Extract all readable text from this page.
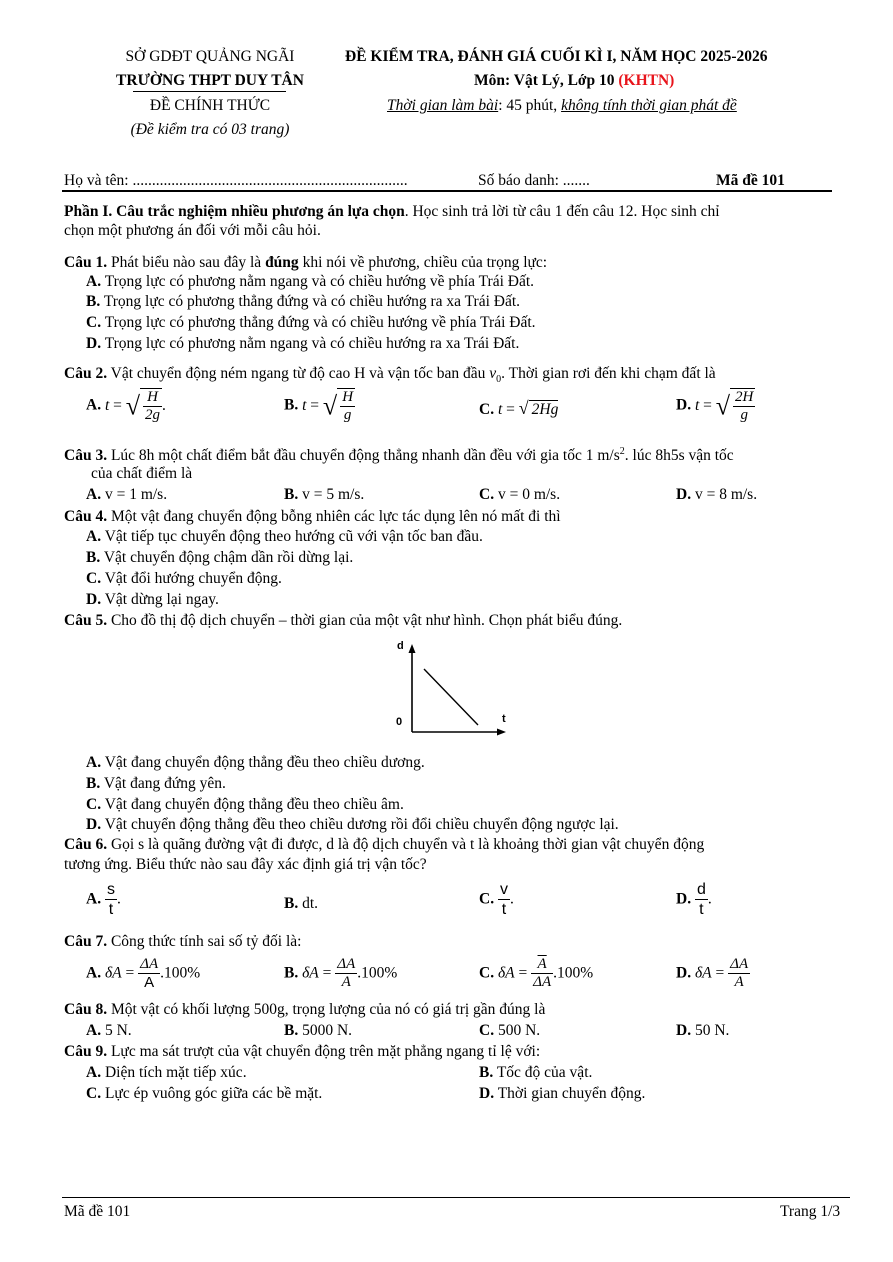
SỞ GDĐT QUẢNG NGÃI
TRƯỜNG THPT DUY TÂN
ĐỀ CHÍNH THỨC
(Đề kiểm tra có 03 trang)
ĐỀ KIỂM TRA, ĐÁNH GIÁ CUỐI KÌ I, NĂM HỌC 2025-2026
Môn: Vật Lý, Lớp 10 (KHTN)
Thời gian làm bài: 45 phút, không tính thời gian phát đề
Họ và tên: .......................................................................	Số báo danh: .......	Mã đề 101
Phần I. Câu trắc nghiệm nhiều phương án lựa chọn. Học sinh trả lời từ câu 1 đến câu 12. Học sinh chỉ
chọn một phương án đối với mỗi câu hỏi.
Câu 1. Phát biểu nào sau đây là đúng khi nói về phương, chiều của trọng lực:
A. Trọng lực có phương nằm ngang và có chiều hướng về phía Trái Đất.
B. Trọng lực có phương thẳng đứng và có chiều hướng ra xa Trái Đất.
C. Trọng lực có phương thẳng đứng và có chiều hướng về phía Trái Đất.
D. Trọng lực có phương nằm ngang và có chiều hướng ra xa Trái Đất.
Câu 2. Vật chuyển động ném ngang từ độ cao H và vận tốc ban đầu $v_0$. Thời gian rơi đến khi chạm đất là
A. t = √ $\frac{H}{2g}$ .	B. t = √ $\frac{H}{g}$	C. t = √ 2Hg	D. t = √ $\frac{2H}{g}$
Câu 3. Lúc 8h một chất điểm bắt đầu chuyển động thẳng nhanh dần đều với gia tốc 1 $m/s^2$. lúc 8h5s vận tốc
của chất điểm là
A. v = 1 m/s.	B. v = 5 m/s.	C. v = 0 m/s.	D. v = 8 m/s.
Câu 4. Một vật đang chuyển động bỗng nhiên các lực tác dụng lên nó mất đi thì
A. Vật tiếp tục chuyển động theo hướng cũ với vận tốc ban đầu.
B. Vật chuyển động chậm dần rồi dừng lại.
C. Vật đổi hướng chuyển động.
D. Vật dừng lại ngay.
Câu 5. Cho đồ thị độ dịch chuyển – thời gian của một vật như hình. Chọn phát biểu đúng.
d
t
0
A. Vật đang chuyển động thẳng đều theo chiều dương.
B. Vật đang đứng yên.
C. Vật đang chuyển động thẳng đều theo chiều âm.
D. Vật chuyển động thẳng đều theo chiều dương rồi đổi chiều chuyển động ngược lại.
Câu 6. Gọi s là quãng đường vật đi được, d là độ dịch chuyển và t là khoảng thời gian vật chuyển động
tương ứng. Biểu thức nào sau đây xác định giá trị vận tốc?
A. $\frac{s}{t}$ .	B. dt.	C. $\frac{v}{t}$ .	D. $\frac{d}{t}$ .
Câu 7. Công thức tính sai số tỷ đối là:
A. $\delta A = \frac{\Delta A}{A} .100\%$	B. $\delta A = \frac{\Delta A}{A} .100\%$	C. $\delta A = \frac{\overline{A}}{\Delta A} .100\%$	D. $\delta A = \frac{\Delta A}{A}$
Câu 8. Một vật có khối lượng 500g, trọng lượng của nó có giá trị gần đúng là
A. 5 N.	B. 5000 N.	C. 500 N.	D. 50 N.
Câu 9. Lực ma sát trượt của vật chuyển động trên mặt phẳng ngang tỉ lệ với:
A. Diện tích mặt tiếp xúc.	B. Tốc độ của vật.
C. Lực ép vuông góc giữa các bề mặt.	D. Thời gian chuyển động.
Mã đề 101	Trang 1/3
